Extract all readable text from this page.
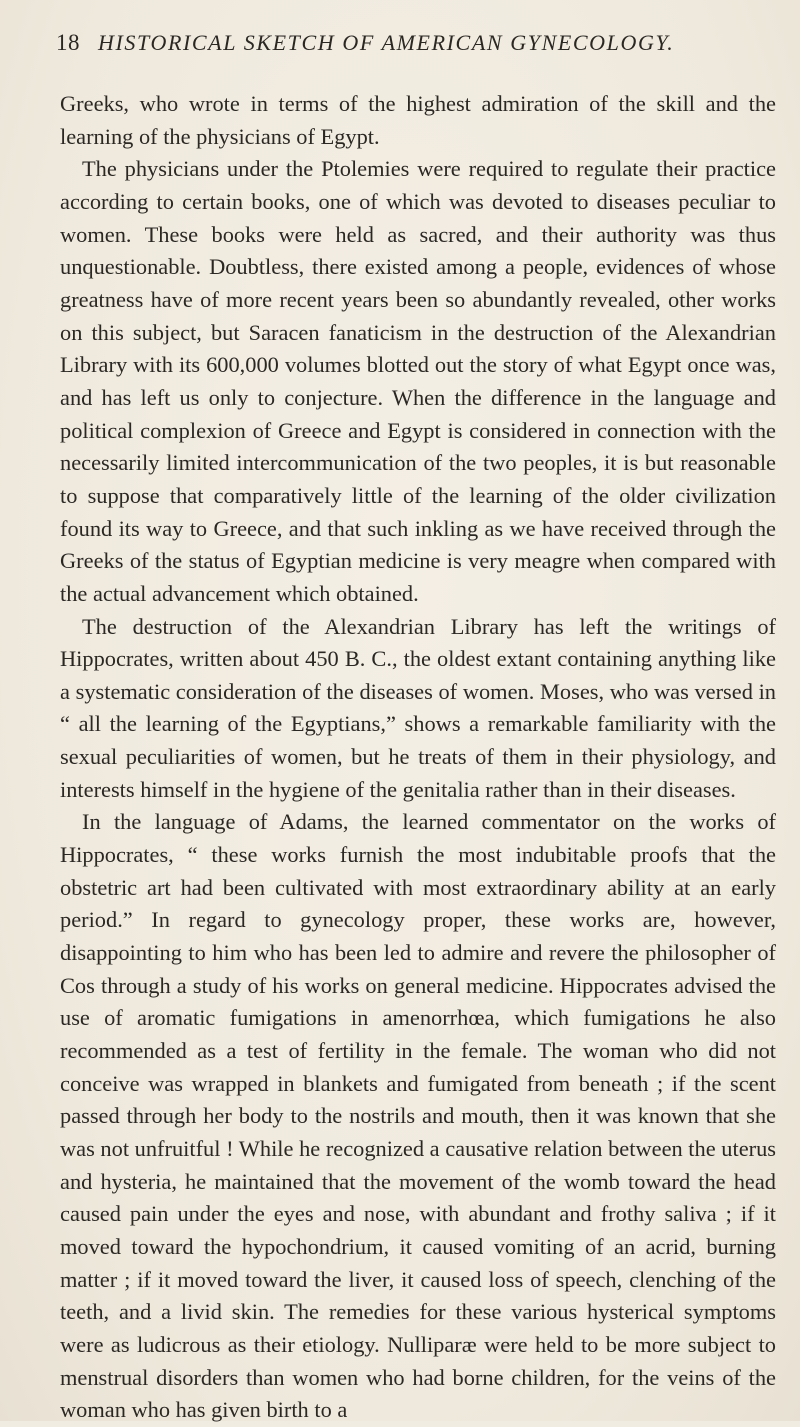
18 HISTORICAL SKETCH OF AMERICAN GYNECOLOGY.

Greeks, who wrote in terms of the highest admiration of the skill and the learning of the physicians of Egypt.

The physicians under the Ptolemies were required to regulate their practice according to certain books, one of which was devoted to diseases peculiar to women. These books were held as sacred, and their authority was thus unquestionable. Doubtless, there existed among a people, evidences of whose greatness have of more recent years been so abundantly revealed, other works on this subject, but Saracen fanaticism in the destruction of the Alexandrian Library with its 600,000 volumes blotted out the story of what Egypt once was, and has left us only to conjecture. When the difference in the language and political complexion of Greece and Egypt is considered in connection with the necessarily limited intercommunication of the two peoples, it is but reasonable to suppose that comparatively little of the learning of the older civilization found its way to Greece, and that such inkling as we have received through the Greeks of the status of Egyptian medicine is very meagre when compared with the actual advancement which obtained.

The destruction of the Alexandrian Library has left the writings of Hippocrates, written about 450 B. C., the oldest extant containing anything like a systematic consideration of the diseases of women. Moses, who was versed in “ all the learning of the Egyptians,” shows a remarkable familiarity with the sexual peculiarities of women, but he treats of them in their physiology, and interests himself in the hygiene of the genitalia rather than in their diseases.

In the language of Adams, the learned commentator on the works of Hippocrates, “ these works furnish the most indubitable proofs that the obstetric art had been cultivated with most extraordinary ability at an early period.” In regard to gynecology proper, these works are, however, disappointing to him who has been led to admire and revere the philosopher of Cos through a study of his works on general medicine. Hippocrates advised the use of aromatic fumigations in amenorrhœa, which fumigations he also recommended as a test of fertility in the female. The woman who did not conceive was wrapped in blankets and fumigated from beneath ; if the scent passed through her body to the nostrils and mouth, then it was known that she was not unfruitful ! While he recognized a causative relation between the uterus and hysteria, he maintained that the movement of the womb toward the head caused pain under the eyes and nose, with abundant and frothy saliva ; if it moved toward the hypochondrium, it caused vomiting of an acrid, burning matter ; if it moved toward the liver, it caused loss of speech, clenching of the teeth, and a livid skin. The remedies for these various hysterical symptoms were as ludicrous as their etiology. Nulliparæ were held to be more subject to menstrual disorders than women who had borne children, for the veins of the woman who has given birth to a
